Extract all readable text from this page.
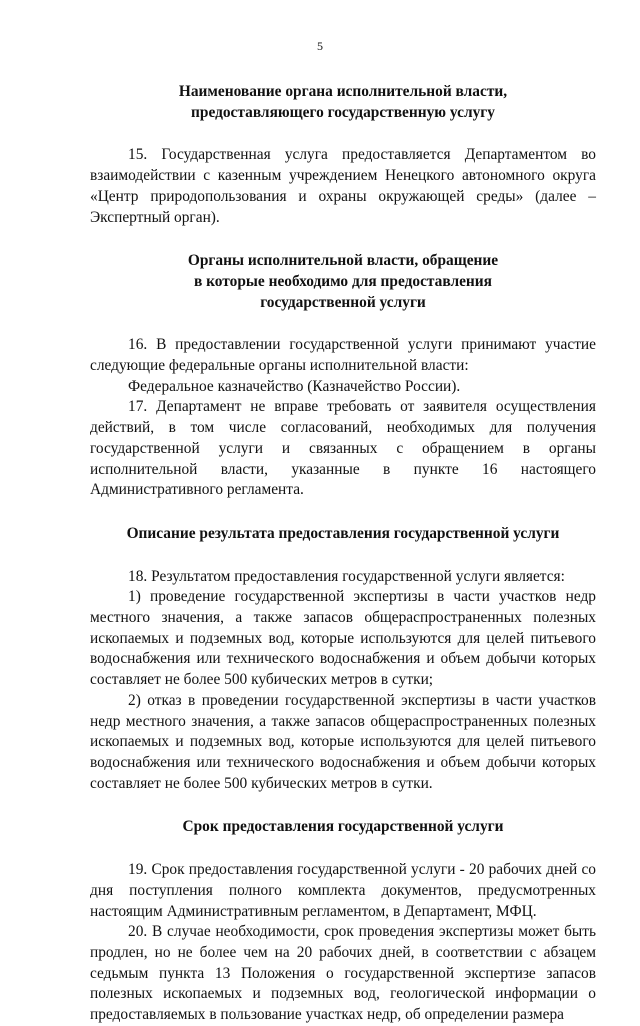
5
Наименование органа исполнительной власти,
предоставляющего государственную услугу

15. Государственная услуга предоставляется Департаментом во взаимодействии с казенным учреждением Ненецкого автономного округа «Центр природопользования и охраны окружающей среды» (далее – Экспертный орган).

Органы исполнительной власти, обращение
в которые необходимо для предоставления
государственной услуги

16. В предоставлении государственной услуги принимают участие следующие федеральные органы исполнительной власти:

Федеральное казначейство (Казначейство России).

17. Департамент не вправе требовать от заявителя осуществления действий, в том числе согласований, необходимых для получения государственной услуги и связанных с обращением в органы исполнительной власти, указанные в пункте 16 настоящего Административного регламента.

Описание результата предоставления государственной услуги

18. Результатом предоставления государственной услуги является:

1) проведение государственной экспертизы в части участков недр местного значения, а также запасов общераспространенных полезных ископаемых и подземных вод, которые используются для целей питьевого водоснабжения или технического водоснабжения и объем добычи которых составляет не более 500 кубических метров в сутки;

2) отказ в проведении государственной экспертизы в части участков недр местного значения, а также запасов общераспространенных полезных ископаемых и подземных вод, которые используются для целей питьевого водоснабжения или технического водоснабжения и объем добычи которых составляет не более 500 кубических метров в сутки.

Срок предоставления государственной услуги

19. Срок предоставления государственной услуги - 20 рабочих дней со дня поступления полного комплекта документов, предусмотренных настоящим Административным регламентом, в Департамент, МФЦ.

20. В случае необходимости, срок проведения экспертизы может быть продлен, но не более чем на 20 рабочих дней, в соответствии с абзацем седьмым пункта 13 Положения о государственной экспертизе запасов полезных ископаемых и подземных вод, геологической информации о предоставляемых в пользование участках недр, об определении размера
